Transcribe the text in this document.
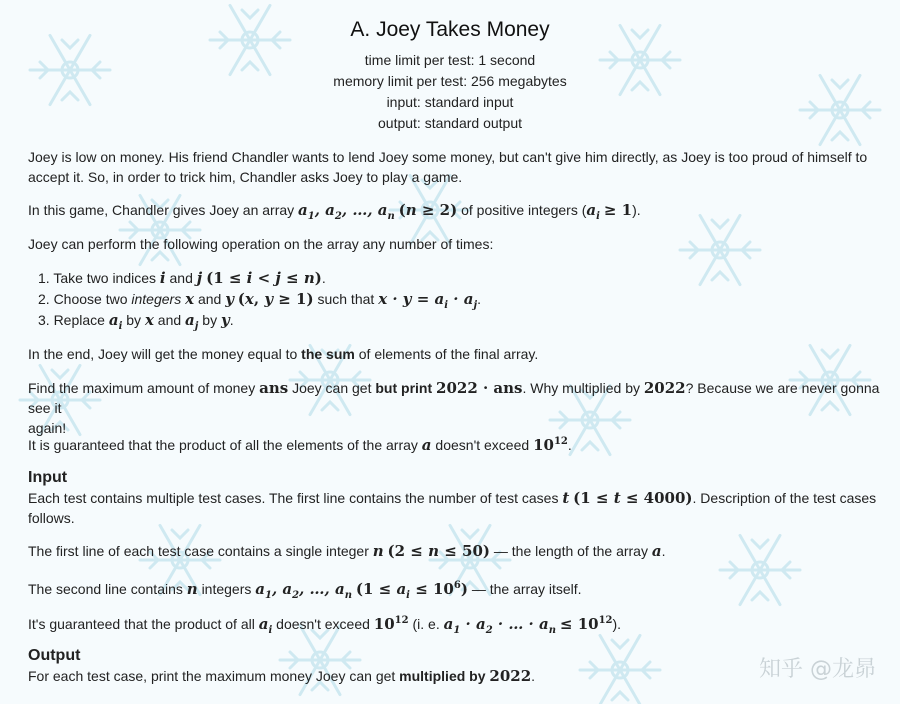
A. Joey Takes Money
time limit per test: 1 second
memory limit per test: 256 megabytes
input: standard input
output: standard output
Joey is low on money. His friend Chandler wants to lend Joey some money, but can't give him directly, as Joey is too proud of himself to accept it. So, in order to trick him, Chandler asks Joey to play a game.
In this game, Chandler gives Joey an array $a_1$, $a_2$, …, $a_n$ (n ≥ 2) of positive integers $(a_i \ge 1)$.
Joey can perform the following operation on the array any number of times:
1. Take two indices i and j (1 ≤ i < j ≤ n).
2. Choose two integers x and y (x, y ≥ 1) such that $x \cdot y = a_i \cdot a_j$.
3. Replace $a_i$ by x and $a_j$ by y.
In the end, Joey will get the money equal to the sum of elements of the final array.
Find the maximum amount of money ans Joey can get but print 2022 · ans. Why multiplied by 2022? Because we are never gonna see it
again!
It is guaranteed that the product of all the elements of the array a doesn't exceed $10^{12}$.
Input
Each test contains multiple test cases. The first line contains the number of test cases t (1 ≤ t ≤ 4000). Description of the test cases
follows.
The first line of each test case contains a single integer n (2 ≤ n ≤ 50) — the length of the array a.
The second line contains n integers $a_1$, $a_2$, …, $a_n$ $(1 \le a_i \le 10^6)$ — the array itself.
It's guaranteed that the product of all $a_i$ doesn't exceed $10^{12}$ (i. e. $a_1 \cdot a_2$ · … · $a_n \le 10^{12}$).
Output
For each test case, print the maximum money Joey can get multiplied by 2022.	知乎 @龙昴
